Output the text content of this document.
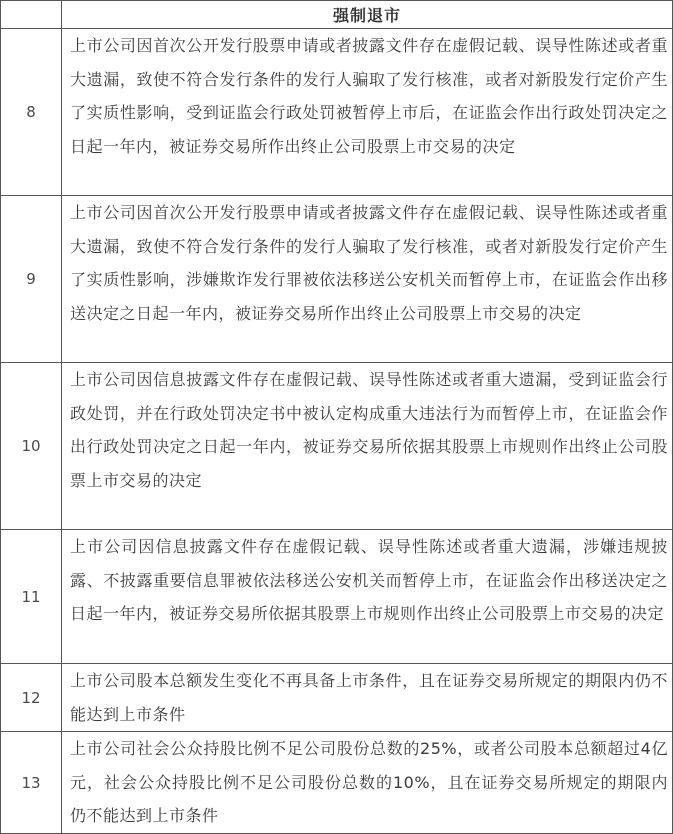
	强制退市
8	上市公司因首次公开发行股票申请或者披露文件存在虚假记载、误导性陈述或者重大遗漏，致使不符合发行条件的发行人骗取了发行核准，或者对新股发行定价产生了实质性影响，受到证监会行政处罚被暂停上市后，在证监会作出行政处罚决定之日起一年内，被证券交易所作出终止公司股票上市交易的决定
9	上市公司因首次公开发行股票申请或者披露文件存在虚假记载、误导性陈述或者重大遗漏，致使不符合发行条件的发行人骗取了发行核准，或者对新股发行定价产生了实质性影响，涉嫌欺诈发行罪被依法移送公安机关而暂停上市，在证监会作出移送决定之日起一年内，被证券交易所作出终止公司股票上市交易的决定
10	上市公司因信息披露文件存在虚假记载、误导性陈述或者重大遗漏，受到证监会行政处罚，并在行政处罚决定书中被认定构成重大违法行为而暂停上市，在证监会作出行政处罚决定之日起一年内，被证券交易所依据其股票上市规则作出终止公司股票上市交易的决定
11	上市公司因信息披露文件存在虚假记载、误导性陈述或者重大遗漏，涉嫌违规披露、不披露重要信息罪被依法移送公安机关而暂停上市，在证监会作出移送决定之日起一年内，被证券交易所依据其股票上市规则作出终止公司股票上市交易的决定
12	上市公司股本总额发生变化不再具备上市条件，且在证券交易所规定的期限内仍不能达到上市条件
13	上市公司社会公众持股比例不足公司股份总数的25%，或者公司股本总额超过4亿元，社会公众持股比例不足公司股份总数的10%，且在证券交易所规定的期限内仍不能达到上市条件
